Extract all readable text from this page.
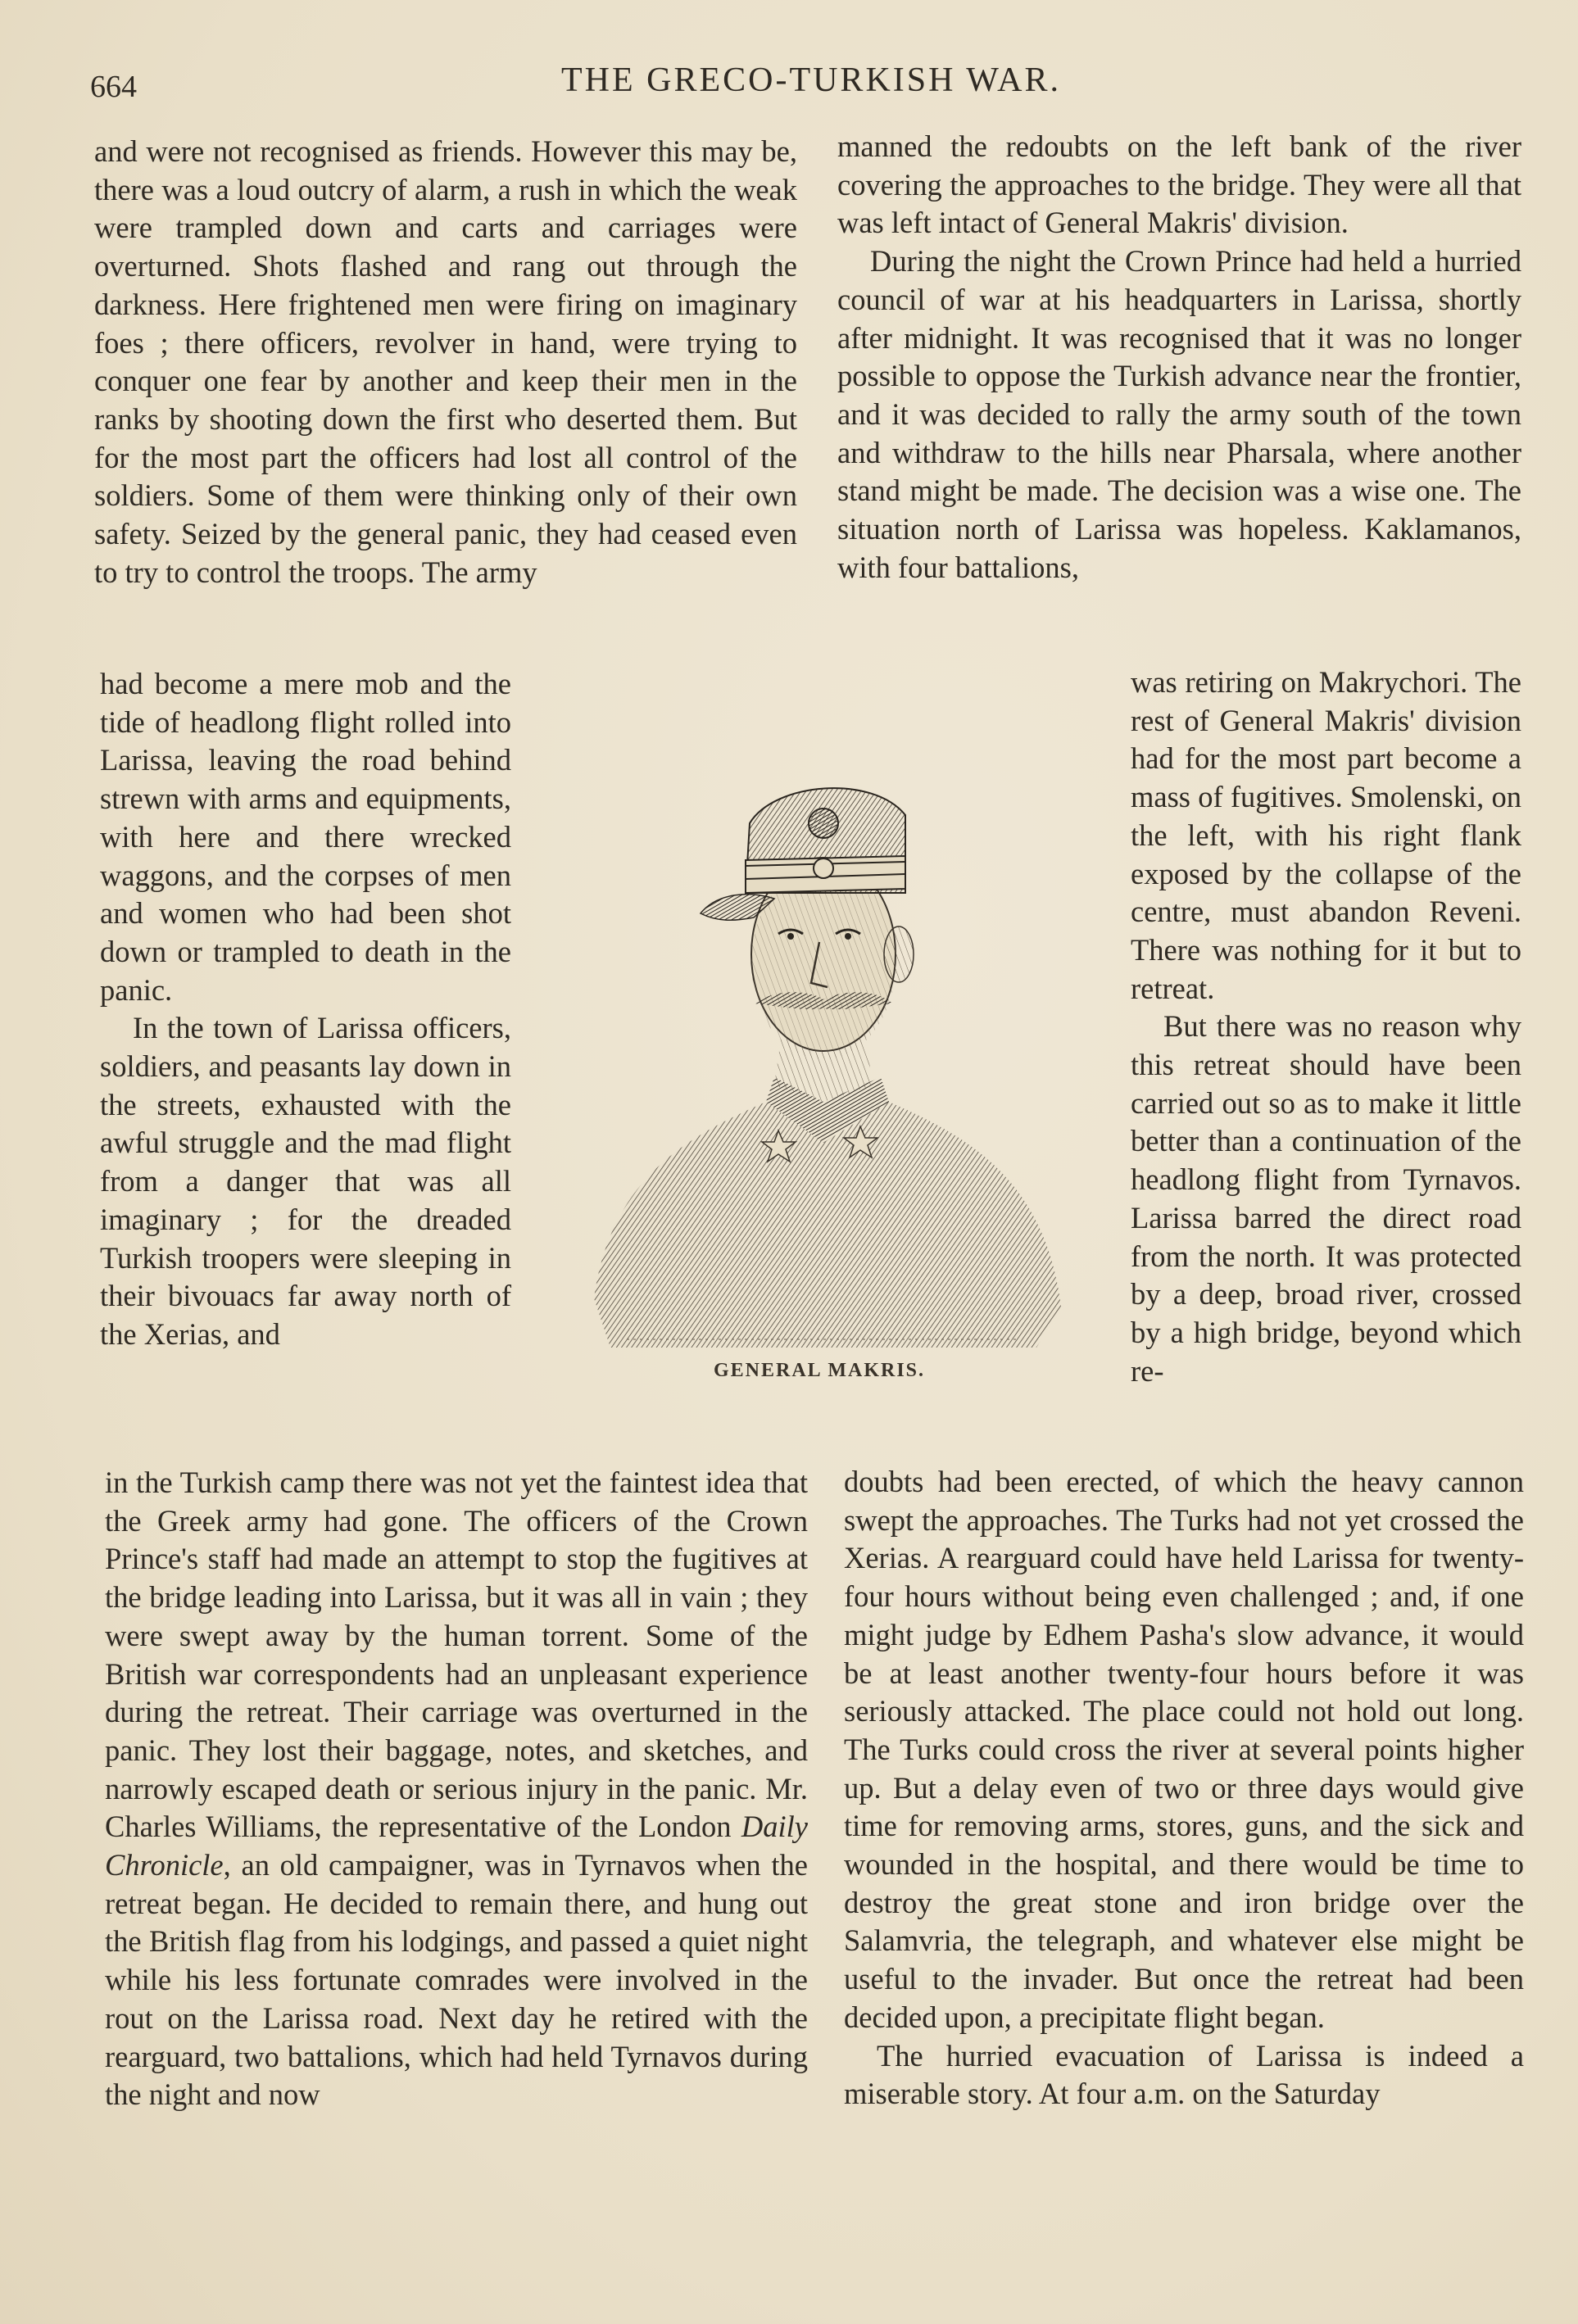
664	THE GRECO-TURKISH WAR.

and were not recognised as friends. However this may be, there was a loud outcry of alarm, a rush in which the weak were trampled down and carts and carriages were overturned. Shots flashed and rang out through the darkness. Here frightened men were firing on imaginary foes ; there officers, revolver in hand, were trying to conquer one fear by another and keep their men in the ranks by shooting down the first who deserted them. But for the most part the officers had lost all control of the soldiers. Some of them were thinking only of their own safety. Seized by the general panic, they had ceased even to try to control the troops. The army

had become a mere mob and the tide of headlong flight rolled into Larissa, leaving the road behind strewn with arms and equipments, with here and there wrecked waggons, and the corpses of men and women who had been shot down or trampled to death in the panic.

In the town of Larissa officers, soldiers, and peasants lay down in the streets, exhausted with the awful struggle and the mad flight from a danger that was all imaginary ; for the dreaded Turkish troopers were sleeping in their bivouacs far away north of the Xerias, and

in the Turkish camp there was not yet the faintest idea that the Greek army had gone. The officers of the Crown Prince's staff had made an attempt to stop the fugitives at the bridge leading into Larissa, but it was all in vain ; they were swept away by the human torrent. Some of the British war correspondents had an unpleasant experience during the retreat. Their carriage was overturned in the panic. They lost their baggage, notes, and sketches, and narrowly escaped death or serious injury in the panic. Mr. Charles Williams, the representative of the London Daily Chronicle, an old campaigner, was in Tyrnavos when the retreat began. He decided to remain there, and hung out the British flag from his lodgings, and passed a quiet night while his less fortunate comrades were involved in the rout on the Larissa road. Next day he retired with the rearguard, two battalions, which had held Tyrnavos during the night and now

manned the redoubts on the left bank of the river covering the approaches to the bridge. They were all that was left intact of General Makris' division.

During the night the Crown Prince had held a hurried council of war at his headquarters in Larissa, shortly after midnight. It was recognised that it was no longer possible to oppose the Turkish advance near the frontier, and it was decided to rally the army south of the town and withdraw to the hills near Pharsala, where another stand might be made. The decision was a wise one. The situation north of Larissa was hopeless. Kaklamanos, with four battalions,

was retiring on Makrychori. The rest of General Makris' division had for the most part become a mass of fugitives. Smolenski, on the left, with his right flank exposed by the collapse of the centre, must abandon Reveni. There was nothing for it but to retreat.

But there was no reason why this retreat should have been carried out so as to make it little better than a continuation of the headlong flight from Tyrnavos. Larissa barred the direct road from the north. It was protected by a deep, broad river, crossed by a high bridge, beyond which re-

doubts had been erected, of which the heavy cannon swept the approaches. The Turks had not yet crossed the Xerias. A rearguard could have held Larissa for twenty-four hours without being even challenged ; and, if one might judge by Edhem Pasha's slow advance, it would be at least another twenty-four hours before it was seriously attacked. The place could not hold out long. The Turks could cross the river at several points higher up. But a delay even of two or three days would give time for removing arms, stores, guns, and the sick and wounded in the hospital, and there would be time to destroy the great stone and iron bridge over the Salamvria, the telegraph, and whatever else might be useful to the invader. But once the retreat had been decided upon, a precipitate flight began.

The hurried evacuation of Larissa is indeed a miserable story. At four a.m. on the Saturday

GENERAL MAKRIS.
